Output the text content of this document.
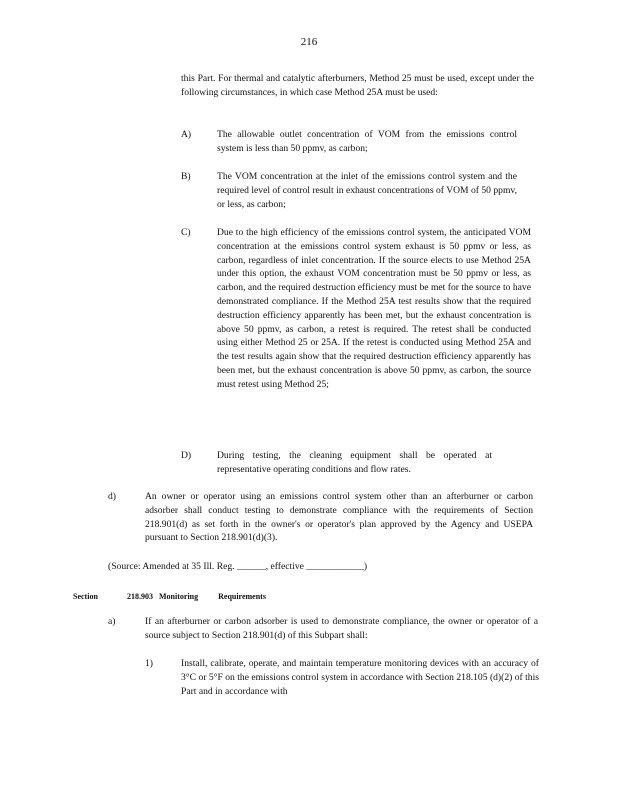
216
this Part. For thermal and catalytic afterburners, Method 25 must be used, except under the following circumstances, in which case Method 25A must be used:
A)	The allowable outlet concentration of VOM from the emissions control system is less than 50 ppmv, as carbon;
B)	The VOM concentration at the inlet of the emissions control system and the required level of control result in exhaust concentrations of VOM of 50 ppmv, or less, as carbon;
C)	Due to the high efficiency of the emissions control system, the anticipated VOM concentration at the emissions control system exhaust is 50 ppmv or less, as carbon, regardless of inlet concentration. If the source elects to use Method 25A under this option, the exhaust VOM concentration must be 50 ppmv or less, as carbon, and the required destruction efficiency must be met for the source to have demonstrated compliance. If the Method 25A test results show that the required destruction efficiency apparently has been met, but the exhaust concentration is above 50 ppmv, as carbon, a retest is required. The retest shall be conducted using either Method 25 or 25A. If the retest is conducted using Method 25A and the test results again show that the required destruction efficiency apparently has been met, but the exhaust concentration is above 50 ppmv, as carbon, the source must retest using Method 25;
D)	During testing, the cleaning equipment shall be operated at representative operating conditions and flow rates.
d)	An owner or operator using an emissions control system other than an afterburner or carbon adsorber shall conduct testing to demonstrate compliance with the requirements of Section 218.901(d) as set forth in the owner's or operator's plan approved by the Agency and USEPA pursuant to Section 218.901(d)(3).
(Source: Amended at 35 Ill. Reg. ______, effective ____________)
Section	218.903 Monitoring Requirements
a)	If an afterburner or carbon adsorber is used to demonstrate compliance, the owner or operator of a source subject to Section 218.901(d) of this Subpart shall:
1)	Install, calibrate, operate, and maintain temperature monitoring devices with an accuracy of 3°C or 5°F on the emissions control system in accordance with Section 218.105 (d)(2) of this Part and in accordance with
